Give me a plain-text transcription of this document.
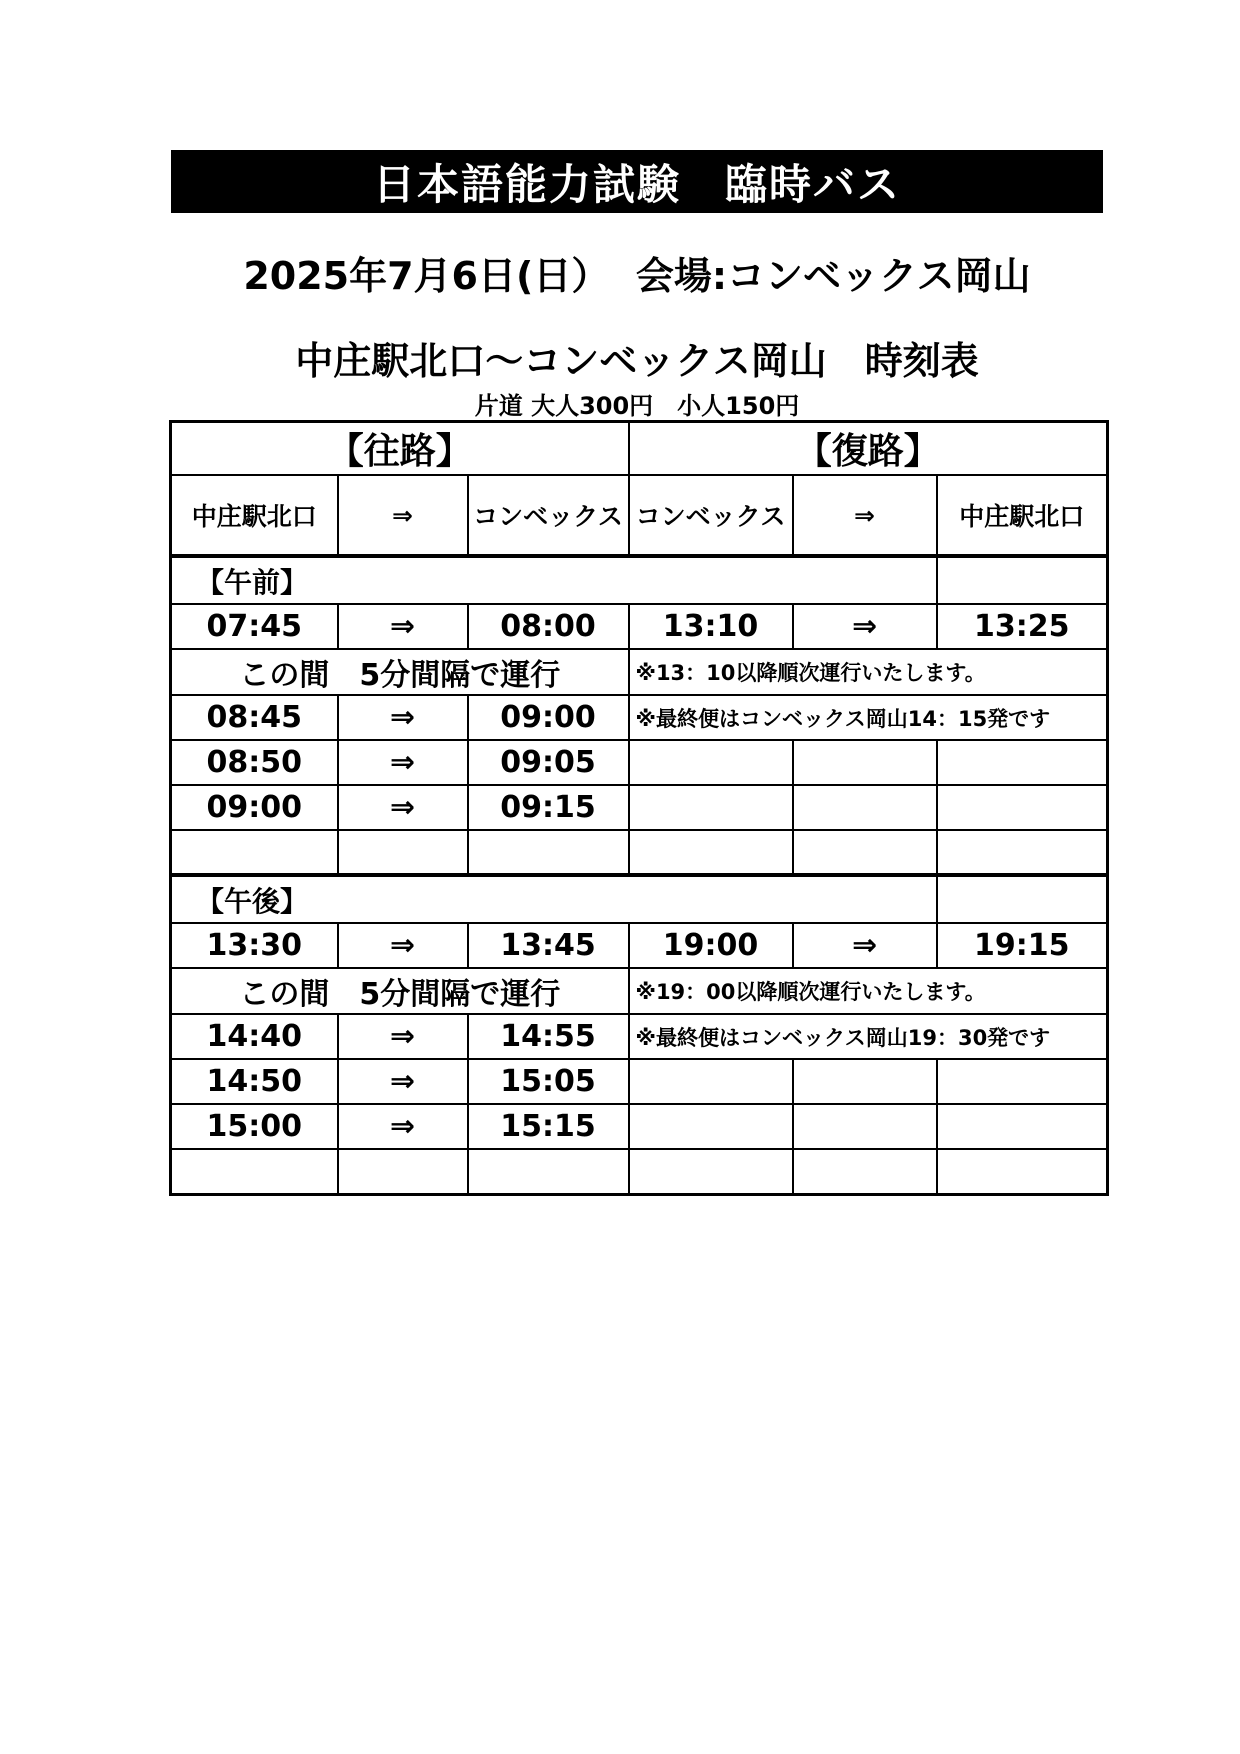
日本語能力試験　臨時バス
2025年7月6日(日）  会場:コンベックス岡山
中庄駅北口～コンベックス岡山　時刻表
片道 大人300円　小人150円
【往路】			【復路】		
中庄駅北口	⇒	コンベックス	コンベックス	⇒	中庄駅北口
【午前】					
07:45	⇒	08:00	13:10	⇒	13:25
この間　5分間隔で運行			※13：10以降順次運行いたします。		
08:45	⇒	09:00	※最終便はコンベックス岡山14：15発です		
08:50	⇒	09:05			
09:00	⇒	09:15			

【午後】					
13:30	⇒	13:45	19:00	⇒	19:15
この間　5分間隔で運行			※19：00以降順次運行いたします。		
14:40	⇒	14:55	※最終便はコンベックス岡山19：30発です		
14:50	⇒	15:05			
15:00	⇒	15:15			
